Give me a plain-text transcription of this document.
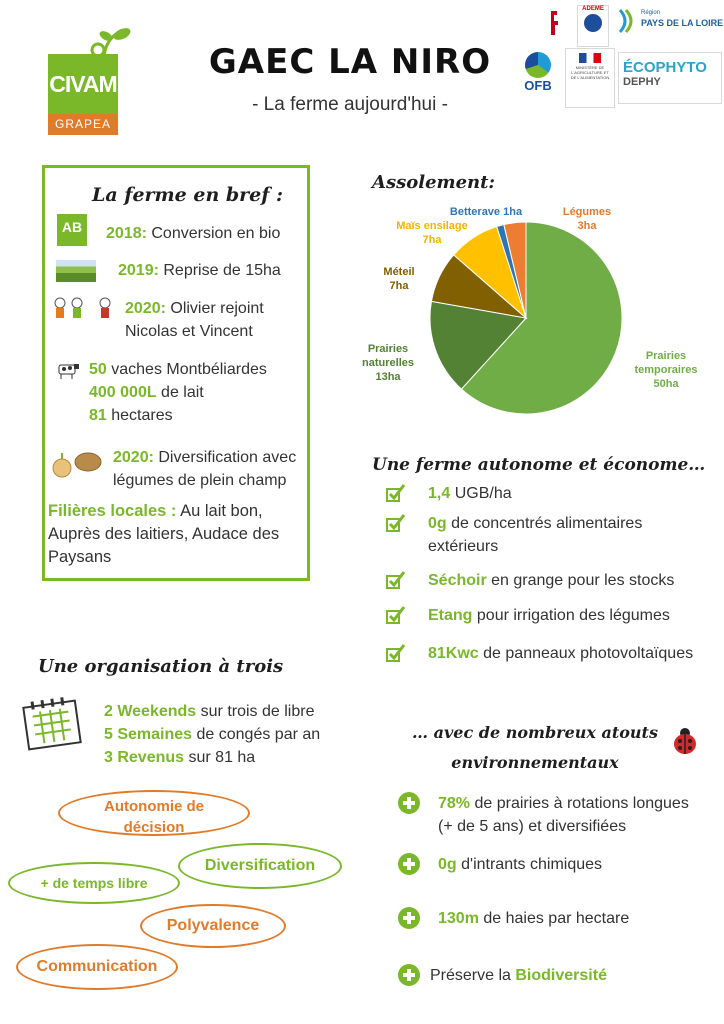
CIVAM
GRAPEA
GAEC LA NIRO
- La ferme aujourd'hui -
ADEME
Région
PAYS DE LA LOIRE
OFB
MINISTÈRE DE L'AGRICULTURE ET DE L'ALIMENTATION
ÉCOPHYTO
DEPHY
La ferme en bref :
AB	2018: Conversion en bio
2019: Reprise de 15ha
2020: Olivier rejoint
Nicolas et Vincent
50 vaches Montbéliardes
400 000L de lait
81 hectares
2020: Diversification avec
légumes de plein champ
Filières locales : Au lait bon, Auprès des laitiers, Audace des Paysans
Assolement:
Légumes
3ha
Betterave 1ha
Maïs ensilage
7ha
Méteil
7ha
Prairies naturelles
13ha
Prairies temporaires
50ha
Une ferme autonome et économe…
1,4 UGB/ha
0g de concentrés alimentaires
extérieurs
Séchoir en grange pour les stocks
Etang pour irrigation des légumes
81Kwc de panneaux photovoltaïques
Une organisation à trois
2 Weekends sur trois de libre
5 Semaines de congés par an
3 Revenus sur 81 ha
Autonomie de décision
Diversification
+ de temps libre
Polyvalence
Communication
… avec de nombreux atouts environnementaux
78% de prairies à rotations longues
(+ de 5 ans) et diversifiées
0g d'intrants chimiques
130m de haies par hectare
Préserve la Biodiversité
